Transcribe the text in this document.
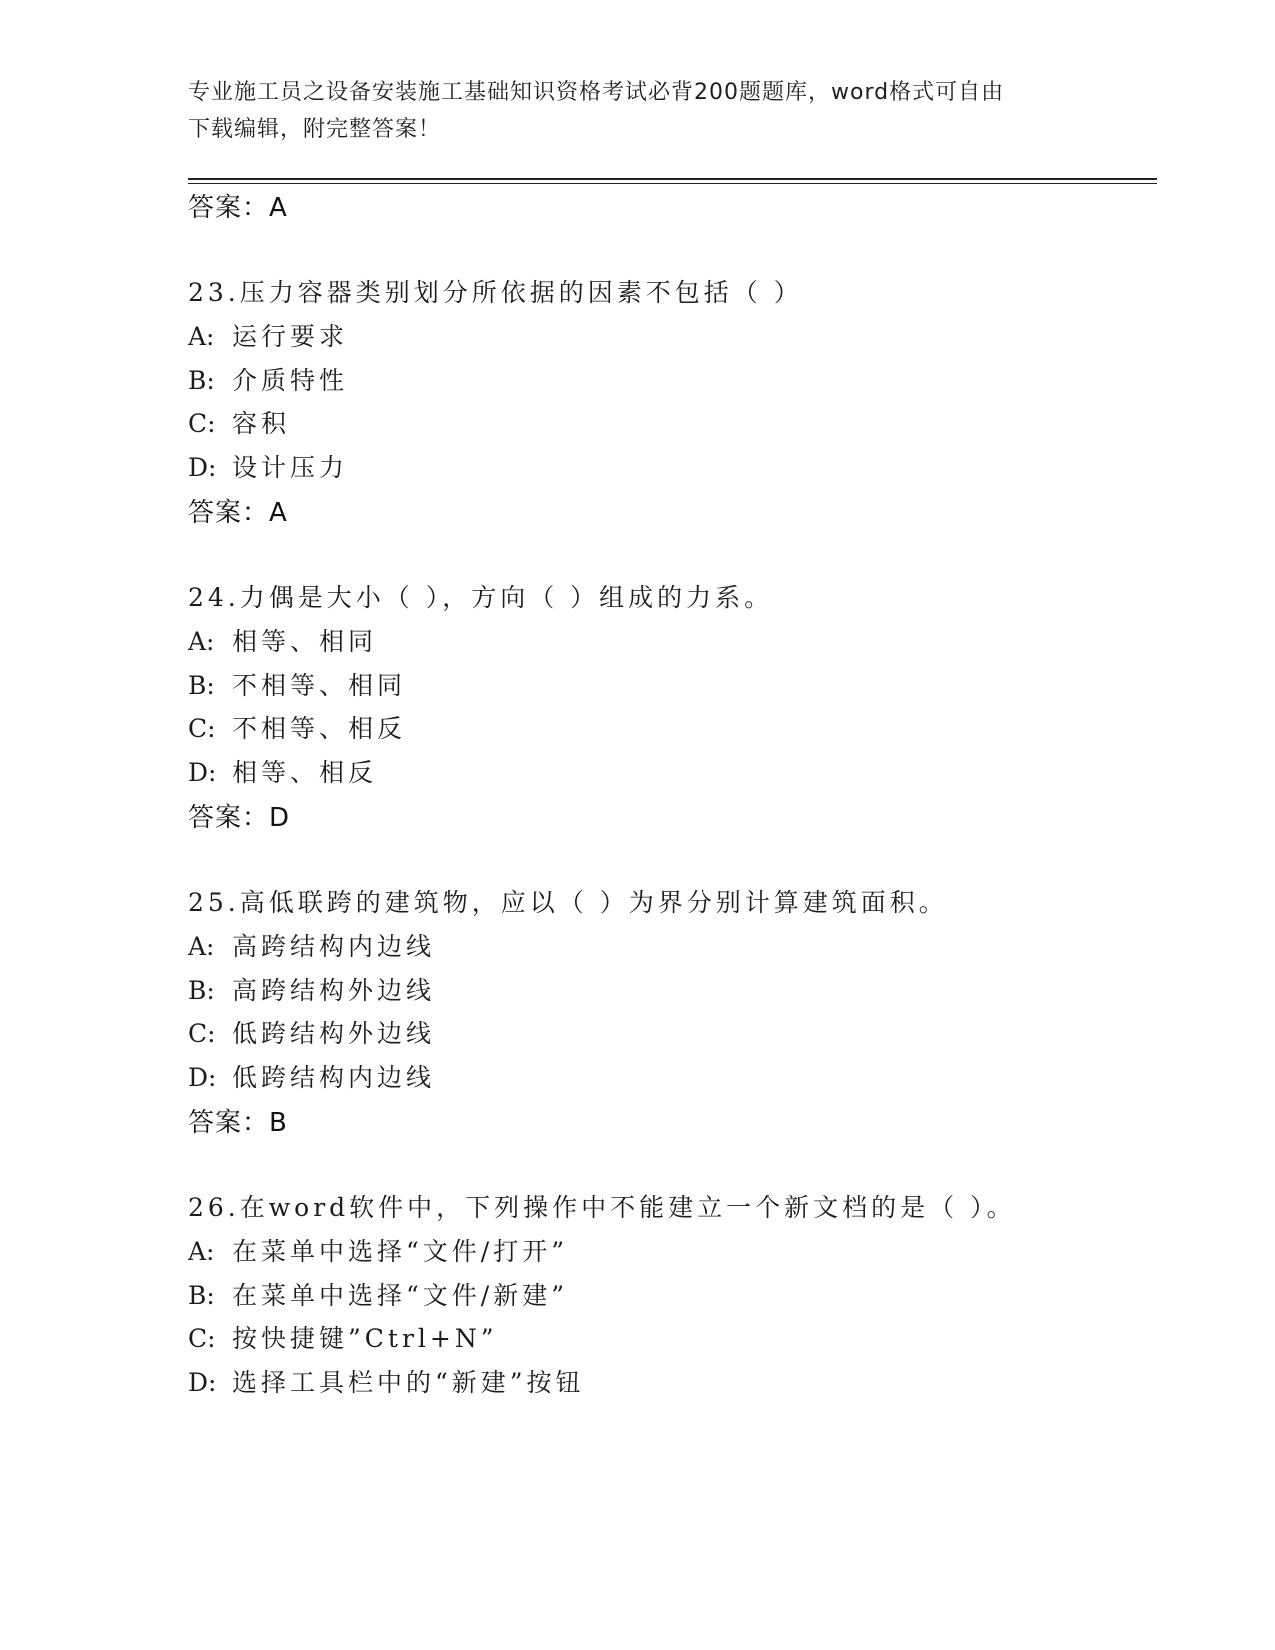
专业施工员之设备安装施工基础知识资格考试必背200题题库，word格式可自由
下载编辑，附完整答案！
答案：A
23.压力容器类别划分所依据的因素不包括（ ）
A: 运行要求
B: 介质特性
C: 容积
D: 设计压力
答案：A
24.力偶是大小（ ），方向（ ）组成的力系。
A: 相等、相同
B: 不相等、相同
C: 不相等、相反
D: 相等、相反
答案：D
25.高低联跨的建筑物，应以（ ）为界分别计算建筑面积。
A: 高跨结构内边线
B: 高跨结构外边线
C: 低跨结构外边线
D: 低跨结构内边线
答案：B
26.在word软件中，下列操作中不能建立一个新文档的是（ ）。
A: 在菜单中选择“文件/打开”
B: 在菜单中选择“文件/新建”
C: 按快捷键”Ctrl+N”
D: 选择工具栏中的“新建”按钮
